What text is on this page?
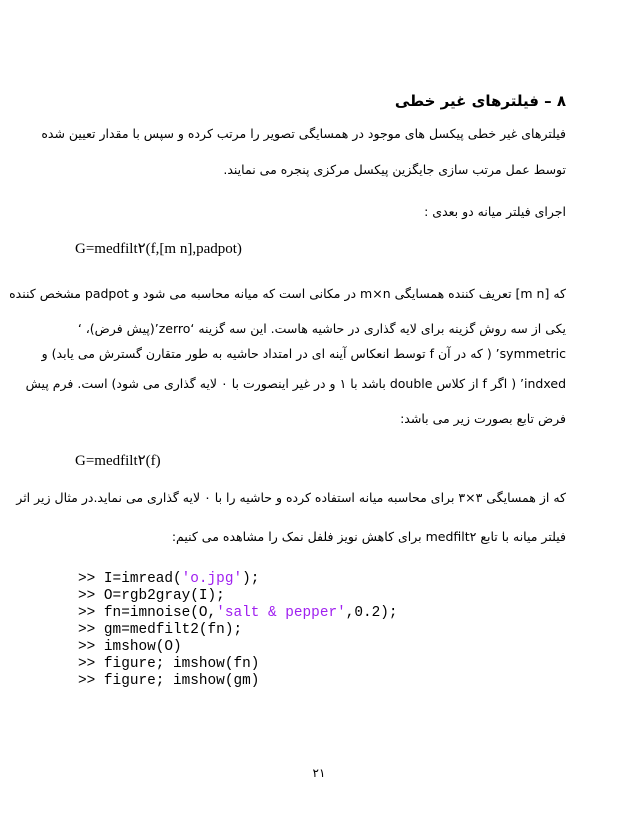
۸ – فیلترهای غیر خطی
فیلترهای غیر خطی پیکسل های موجود در همسایگی تصویر را مرتب کرده و سپس با مقدار تعیین شده
توسط عمل مرتب سازی جایگزین پیکسل مرکزی پنجره می نمایند.
اجرای فیلتر میانه دو بعدی :
G=medfilt۲(f,[m n],padpot)
که [m n] تعریف کننده همسایگی m×n در مکانی است که میانه محاسبه می شود و padpot مشخص کننده
یکی از سه روش گزینه برای لایه گذاری در حاشیه هاست. این سه گزینه ‘zerro’(پیش فرض)، ‘
symmetric’ ( که در آن f توسط انعکاس آینه ای در امتداد حاشیه به طور متقارن گسترش می یابد) و
indxed’ ( اگر f از کلاس double باشد با ۱ و در غیر اینصورت با ۰ لایه گذاری می شود) است. فرم پیش
فرض تابع بصورت زیر می باشد:
G=medfilt۲(f)
که از همسایگی ۳×۳ برای محاسبه میانه استفاده کرده و حاشیه را با ۰ لایه گذاری می نماید.در مثال زیر اثر
فیلتر میانه با تابع medfilt۲ برای کاهش نویز فلفل نمک را مشاهده می کنیم:
>> I=imread('o.jpg');
>> O=rgb2gray(I);
>> fn=imnoise(O,'salt & pepper',0.2);
>> gm=medfilt2(fn);
>> imshow(O)
>> figure; imshow(fn)
>> figure; imshow(gm)
۲۱
